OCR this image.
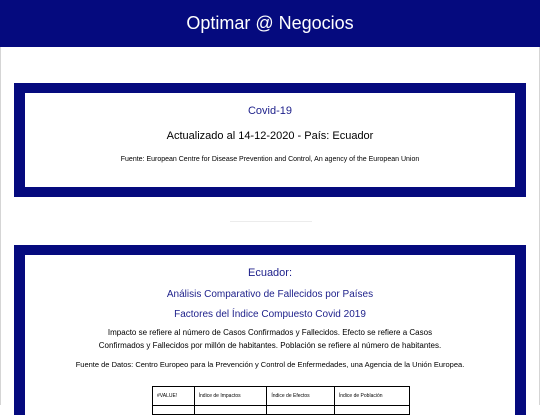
Optimar @ Negocios
Covid-19
Actualizado al 14-12-2020 - País: Ecuador
Fuente: European Centre for Disease Prevention and Control, An agency of the European Union
Ecuador:
Análisis Comparativo de Fallecidos por Países
Factores del Índice Compuesto Covid 2019
Impacto se refiere al número de Casos Confirmados y Fallecidos. Efecto se refiere a Casos Confirmados y Fallecidos por millón de habitantes. Población se refiere al número de habitantes.
Fuente de Datos: Centro Europeo para la Prevención y Control de Enfermedades, una Agencia de la Unión Europea.
#VALUE!	Índice de Impactos	Índice de Efectos	Índice de Población
